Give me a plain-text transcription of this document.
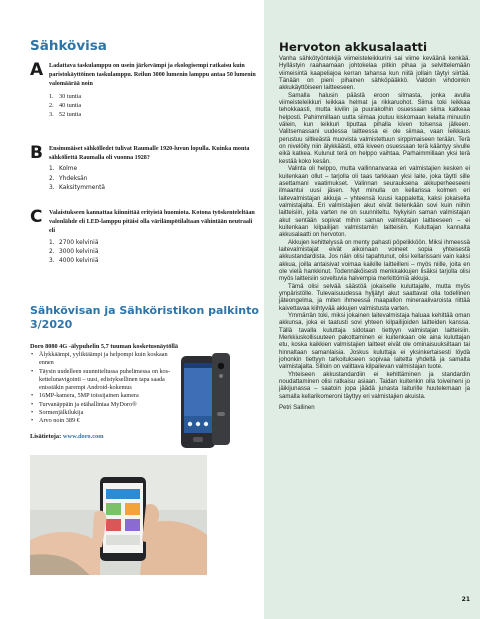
Sähkövisa
A Ladattava taskulamppu on usein järkevämpi ja ekologisempi ratkaisu kuin paristokäyttöinen taskulamppu. Reilun 3000 lumenin lamppu antaa 50 lumenin valomäärää noin

1. 30 tuntia
2. 40 tuntia
3. 52 tuntia
B Ensimmäiset sähkölledet tulivat Raumalle 1920-luvun lopulla. Kuinka monta sähköliettä Raumalla oli vuonna 1928?

1. Kolme
2. Yhdeksän
3. Kaksitymmentä
C Valaistukseen kannattaa kiinnittää erityistä huomiota. Kotona työskenteleltäan valonlähde eli LED-lamppu pitäisi olla värilämpötilaltaan vähintään neutraali eli

1. 2700 kelviniä
2. 3000 kelviniä
3. 4000 kelviniä
Sähkövisan ja Sähköristikon palkinto 3/2020

Doro 8080 4G -älypuhelin 5,7 tuuman kosketusnäytöllä

• Älykkäämpi, yyliktäämpi ja helpompi kuin koskaan ennen
• Täysin uudelleen suunniteltussa puhelimessa on koskettelunavigointi – uusi, edistyksellinen tapa saada enisstäkin parempi Android-kokemus
• 16MP-kamera, 5MP toissijainen kamera
• Turvanäppäin ja etähallintaa MyDoro®
• Sormenjälkilukija
• Arvo noin 389 €

Lisätietoja: www.doro.com

Hervoton akkusalaatti

Vanha sähkötyöntekijä viimeisteleikkurini sai viime keväänä kenkää. Hyllästyin raahaamaan johtokelaa pitkin pihaa ja selvittelemään viimeisintä kaapeliajoa kerran tahansa kun niitä jollain täytyi siirtää. Tänään on pieni pihainen sähköpääkkö. Valdoin vihdoinkin akkukäyttöiseen laitteeseen.

Samalla halusin päästä eroon silmasta, jonka avulla viimeisteleikkuri leikkaa helmat ja rikkaruohot. Siima toki leikkaa tehokkaasti, mutta kivilin ja puurakolhin osuessaan siima katkeaa helposti. Pahimmillaan uutta siimaa joutuu kiskomaan kelalta minuutin välein, kun leikkuri tiputtaa pihalla kiven tolsensa jälkeen. Valitsemassani uudessa laitteessa ei ole siimaa, vaan leikkaus perustuu siltkeästä muovista valmistettuun sirppimaiseen terään. Terä on nivelöity niin älykkäästi, että kiveen osuessaan terä kääntyy sivulle eikä katkea. Kulunut terä on helppo vaihtaa. Parhaimmillaan yksi terä kestää koko kesän.

Valinta oli helppo, mutta vallinnanvaraa eri valmistajien kesken ei kuitenkaan ollut – tarjolla oli taas tarkkaan yksi laite, joka täytti sille asettamani vaatimukset. Valinnan seurauksena akkuperheeseeni ilmaantui uusi jäsen. Nyt minulla on kellarissa kolmen eri laitevalmistajan akkuja – yhteensä kuusi kappaletta, kaksi jokaiselta valmistajalta. Eri valmistajien akut eivät tietenkään sovi kuin niihin laitteisiin, joita varten ne on suunniteltu. Nykyisin saman valmistajan akut sentään sopivat mihin saman valmistajan laitteeseen – ei kuitenkaan kilpailijan valmistamiin laitteisiin. Kuluttajan kannalta akkusalaatti on hervoton.

Akkujen kehittelyssä on menty pahasti pöpelikköön. Miksi ihmeessä laitevalmistajat eivät aikoinaan voineet sopia yhteisestä akkustandardista. Jos näin olisi tapahtunut, olisi kellarissani vain kaksi akkua, joilla antaisivat voimaa kaikille laitteilleni – myös niille, joita en ole vielä hankkinut. Todennäköisesti menkkakkujen lisäksi tarjolla olisi myös laitteisiin soveltuvia halvempia merkittömiä akkuja.

Tämä olisi selvää säästöä jokaiselle kuluttajalle, mutta myös ympäristölle. Tulevaisuudessa hyljätyt akut saattavat olla todellinen jäteongelma, ja miten ihmeessä maapallon mineraalivaroista riittää kaivettavaa kiihtyvää akkujen valmistusta varten.

Ymmärrän toki, miksi jokainen laitevalmistaja haluaa kehittää oman akkunsa, joka ei taatusti sovi yhteen kilpailijoiden laitteiden kanssa. Tällä tavalla kuluttaja sidotaan tiettyyn valmistajan laitteisiin. Merkkiuskollisuuteen pakottaminen ei kuitenkaan ole aina kuluttajan etu, koska kaikkien valmistajien laitteet eivät ole ominaisuuksiltaan tai hinnaltaan samanlaisia. Joskus kuluttaja ei yksinkertaisesti löydä johonkin tiettyyn tarkoitukseen sopivaa laitetta yhdeltä ja samalta valmistajalta. Silloin on valittava kilpailevan valmistajan tuote.

Yhteiseen akkustandardiin ei kehittäminen ja standardin noudattaminen olisi ratkaisu asiaan. Taidan kuitenkin olla toiveineni jo jäikijunassa – saatoin jopa jäädä junasta laiturille huutelemaan ja samalla kellarikomeroni täyttyy eri valmistajien akuista.

Petri Sallinen

21
